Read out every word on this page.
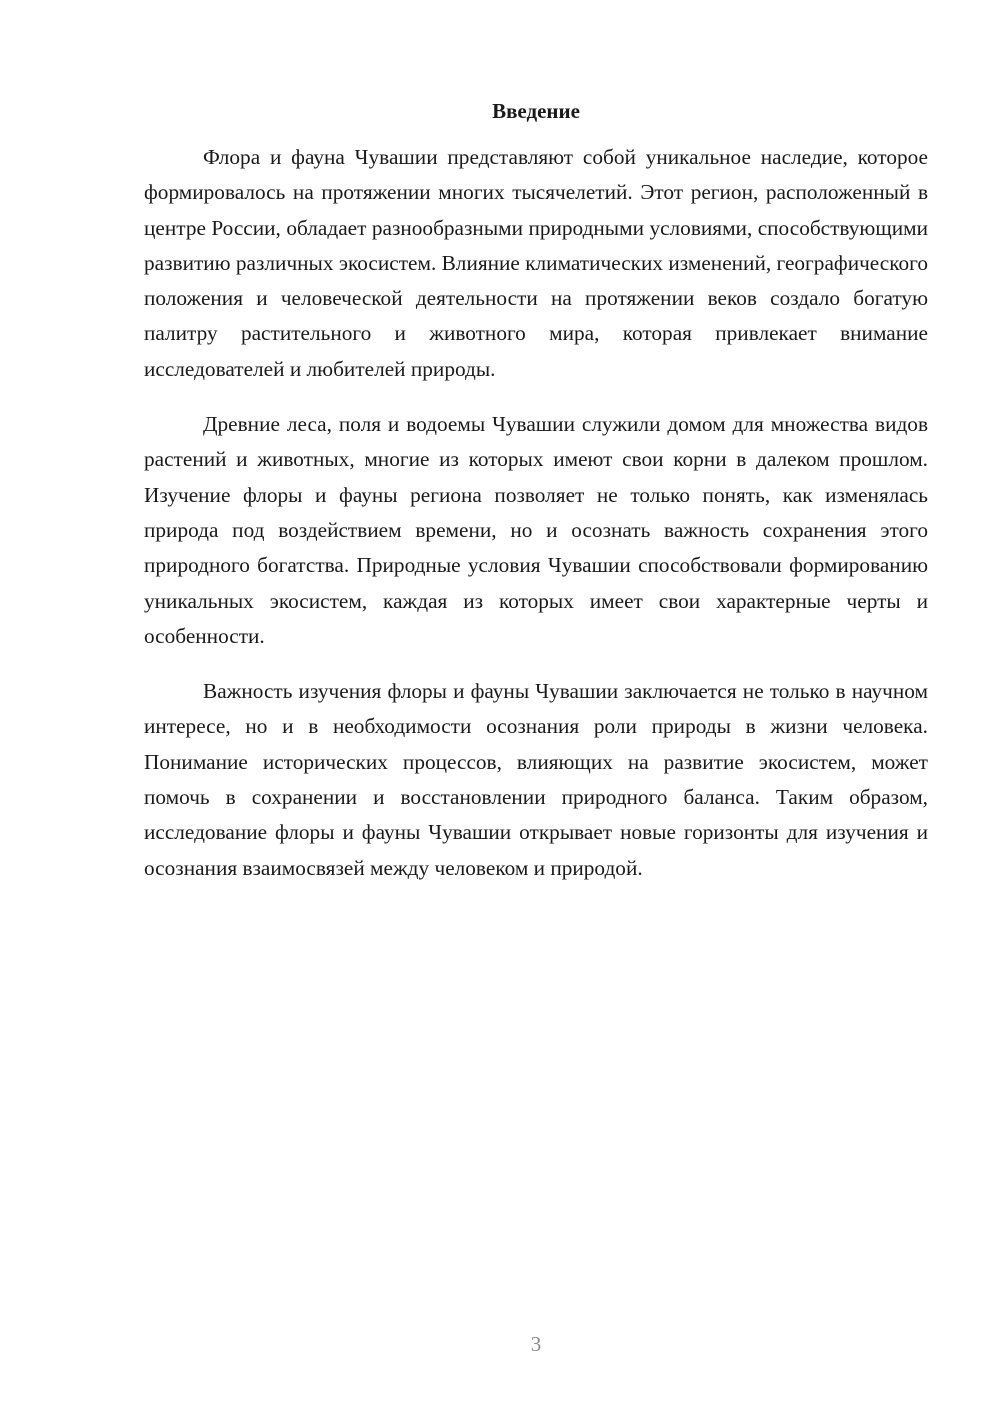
Введение

Флора и фауна Чувашии представляют собой уникальное наследие, которое формировалось на протяжении многих тысячелетий. Этот регион, расположенный в центре России, обладает разнообразными природными условиями, способствующими развитию различных экосистем. Влияние климатических изменений, географического положения и человеческой деятельности на протяжении веков создало богатую палитру растительного и животного мира, которая привлекает внимание исследователей и любителей природы.

Древние леса, поля и водоемы Чувашии служили домом для множества видов растений и животных, многие из которых имеют свои корни в далеком прошлом. Изучение флоры и фауны региона позволяет не только понять, как изменялась природа под воздействием времени, но и осознать важность сохранения этого природного богатства. Природные условия Чувашии способствовали формированию уникальных экосистем, каждая из которых имеет свои характерные черты и особенности.

Важность изучения флоры и фауны Чувашии заключается не только в научном интересе, но и в необходимости осознания роли природы в жизни человека. Понимание исторических процессов, влияющих на развитие экосистем, может помочь в сохранении и восстановлении природного баланса. Таким образом, исследование флоры и фауны Чувашии открывает новые горизонты для изучения и осознания взаимосвязей между человеком и природой.

3
